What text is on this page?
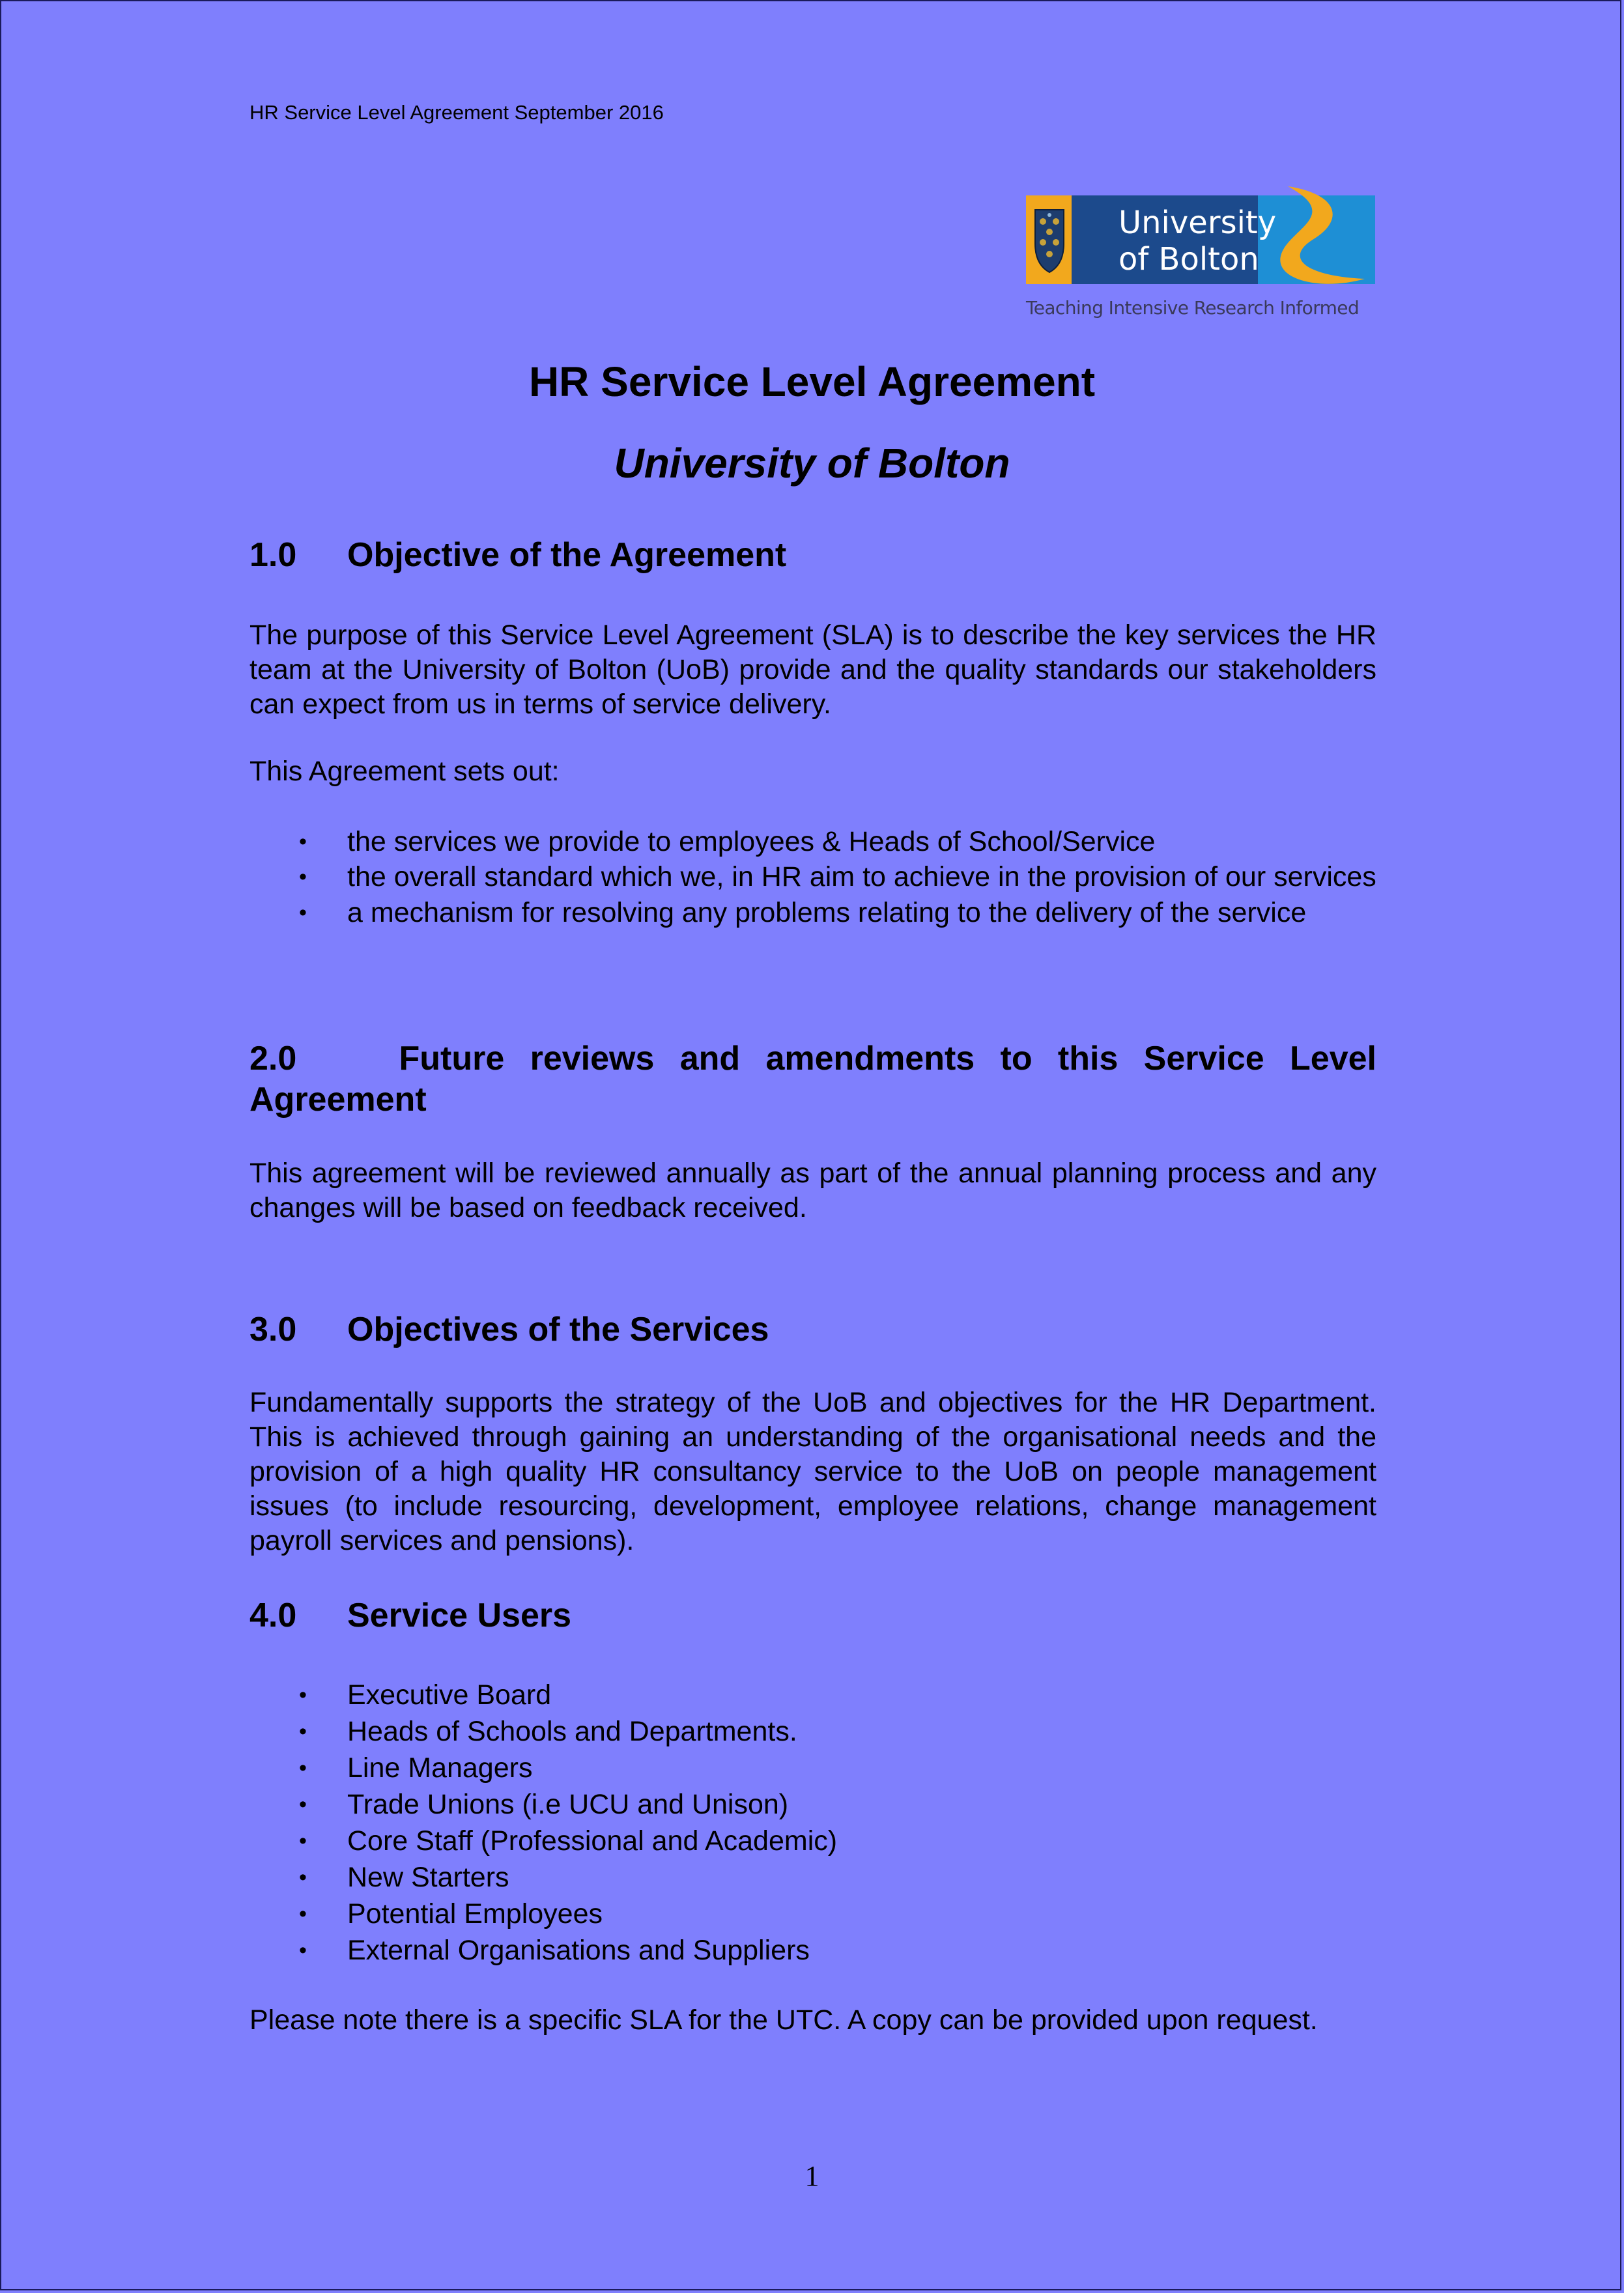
HR Service Level Agreement September 2016
University
of Bolton
Teaching Intensive Research Informed
HR Service Level Agreement
University of Bolton
1.0 Objective of the Agreement
The purpose of this Service Level Agreement (SLA) is to describe the key services the HR team at the University of Bolton (UoB) provide and the quality standards our stakeholders can expect from us in terms of service delivery.
This Agreement sets out:
• the services we provide to employees & Heads of School/Service
• the overall standard which we, in HR aim to achieve in the provision of our services
• a mechanism for resolving any problems relating to the delivery of the service
2.0	Future reviews and amendments to this Service Level
Agreement
This agreement will be reviewed annually as part of the annual planning process and any changes will be based on feedback received.
3.0 Objectives of the Services
Fundamentally supports the strategy of the UoB and objectives for the HR Department. This is achieved through gaining an understanding of the organisational needs and the provision of a high quality HR consultancy service to the UoB on people management issues (to include resourcing, development, employee relations, change management payroll services and pensions).
4.0 Service Users
• Executive Board
• Heads of Schools and Departments.
• Line Managers
• Trade Unions (i.e UCU and Unison)
• Core Staff (Professional and Academic)
• New Starters
• Potential Employees
• External Organisations and Suppliers
Please note there is a specific SLA for the UTC. A copy can be provided upon request.
1
